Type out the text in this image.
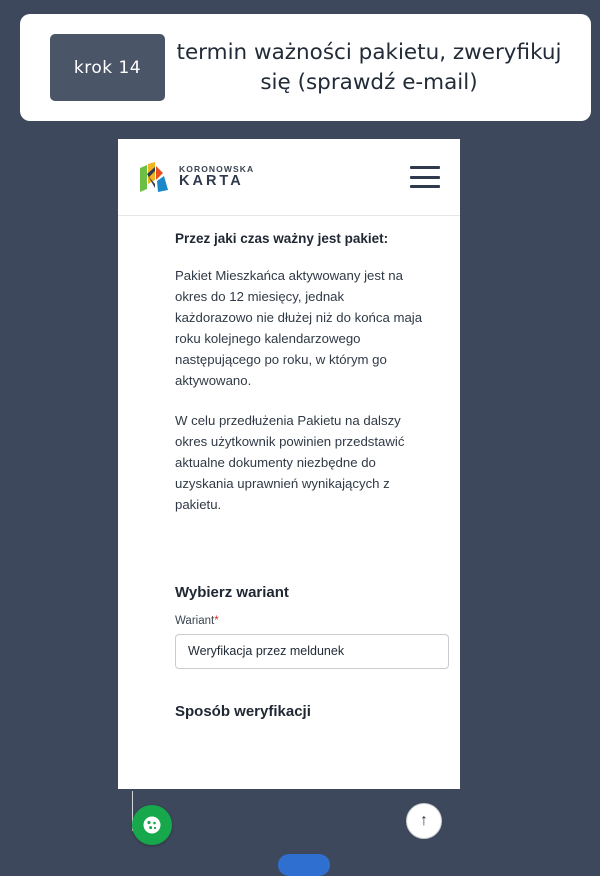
krok 14
termin ważności pakietu, zweryfikuj się (sprawdź e-mail)
KORONOWSKA
KARTA
Przez jaki czas ważny jest pakiet:

Pakiet Mieszkańca aktywowany jest na okres do 12 miesięcy, jednak każdorazowo nie dłużej niż do końca maja roku kolejnego kalendarzowego następującego po roku, w którym go aktywowano.

W celu przedłużenia Pakietu na dalszy okres użytkownik powinien przedstawić aktualne dokumenty niezbędne do uzyskania uprawnień wynikających z pakietu.

Wybierz wariant
Wariant*
Weryfikacja przez meldunek
Sposób weryfikacji
↑
